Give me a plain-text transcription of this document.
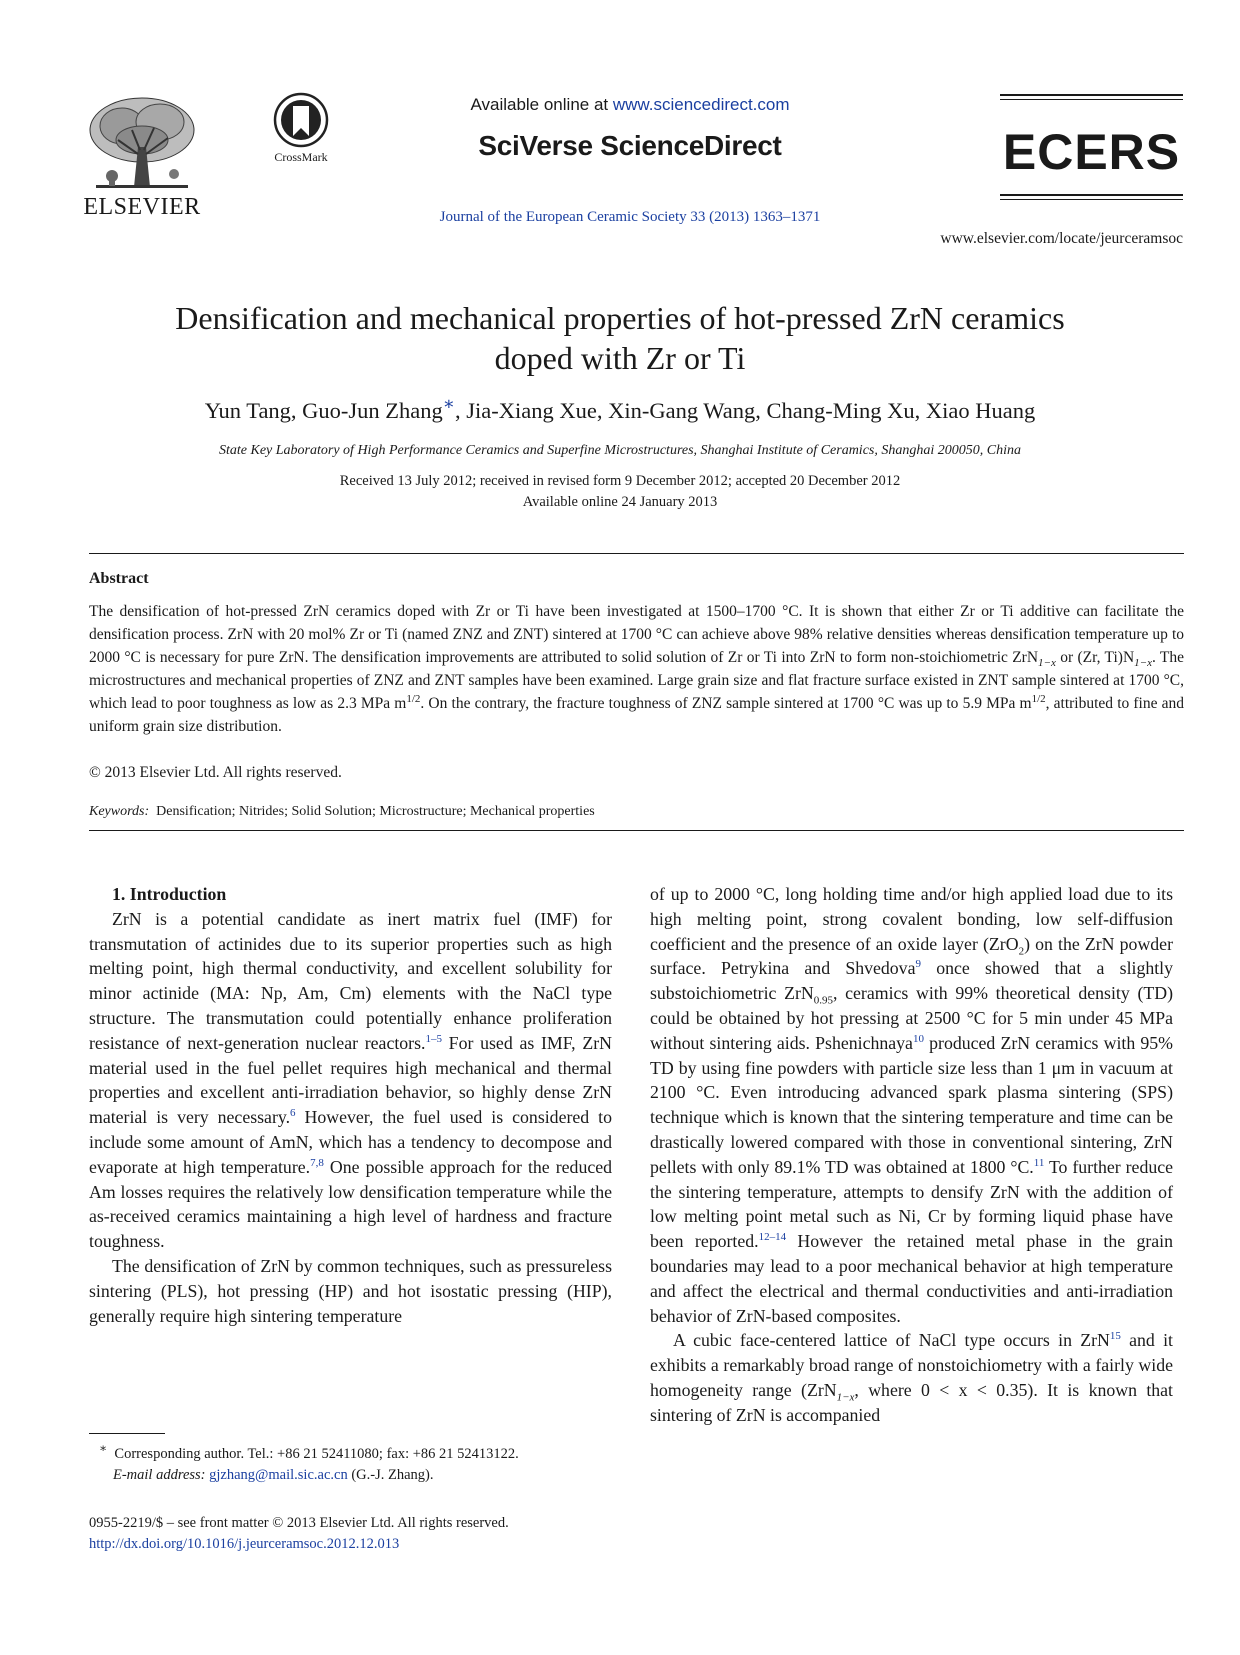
ELSEVIER
CrossMark
Available online at www.sciencedirect.com
SciVerse ScienceDirect
Journal of the European Ceramic Society 33 (2013) 1363–1371
ECERS
www.elsevier.com/locate/jeurceramsoc
Densification and mechanical properties of hot-pressed ZrN ceramics
doped with Zr or Ti
Yun Tang, Guo-Jun Zhang∗, Jia-Xiang Xue, Xin-Gang Wang, Chang-Ming Xu, Xiao Huang
State Key Laboratory of High Performance Ceramics and Superfine Microstructures, Shanghai Institute of Ceramics, Shanghai 200050, China
Received 13 July 2012; received in revised form 9 December 2012; accepted 20 December 2012
Available online 24 January 2013
Abstract
The densification of hot-pressed ZrN ceramics doped with Zr or Ti have been investigated at 1500–1700 °C. It is shown that either Zr or Ti additive can facilitate the densification process. ZrN with 20 mol% Zr or Ti (named ZNZ and ZNT) sintered at 1700 °C can achieve above 98% relative densities whereas densification temperature up to 2000 °C is necessary for pure ZrN. The densification improvements are attributed to solid solution of Zr or Ti into ZrN to form non-stoichiometric ZrN$_{1-x}$ or (Zr, $Ti)N_{1-x}$. The microstructures and mechanical properties of ZNZ and ZNT samples have been examined. Large grain size and flat fracture surface existed in ZNT sample sintered at 1700 °C, which lead to poor toughness as low as 2.3 MPa $m^{1/2}$. On the contrary, the fracture toughness of ZNZ sample sintered at 1700 °C was up to 5.9 MPa $m^{1/2}$, attributed to fine and uniform grain size distribution.
© 2013 Elsevier Ltd. All rights reserved.
Keywords: Densification; Nitrides; Solid Solution; Microstructure; Mechanical properties

1. Introduction

ZrN is a potential candidate as inert matrix fuel (IMF) for transmutation of actinides due to its superior properties such as high melting point, high thermal conductivity, and excellent solubility for minor actinide (MA: Np, Am, Cm) elements with the NaCl type structure. The transmutation could potentially enhance proliferation resistance of next-generation nuclear reactors.$^{1-5}$ For used as IMF, ZrN material used in the fuel pellet requires high mechanical and thermal properties and excellent anti-irradiation behavior, so highly dense ZrN material is very necessary.$^6$ However, the fuel used is considered to include some amount of AmN, which has a tendency to decompose and evaporate at high temperature.$^{7,8}$ One possible approach for the reduced Am losses requires the relatively low densification temperature while the as-received ceramics maintaining a high level of hardness and fracture toughness.

The densification of ZrN by common techniques, such as pressureless sintering (PLS), hot pressing (HP) and hot isostatic pressing (HIP), generally require high sintering temperature

of up to 2000 °C, long holding time and/or high applied load due to its high melting point, strong covalent bonding, low self-diffusion coefficient and the presence of an oxide layer (ZrO$_2$) on the ZrN powder surface. Petrykina and Shvedova$^9$ once showed that a slightly substoichiometric ZrN$_{0.95}$, ceramics with 99% theoretical density (TD) could be obtained by hot pressing at 2500 °C for 5 min under 45 MPa without sintering aids. Pshenichnaya$^{10}$ produced ZrN ceramics with 95% TD by using fine powders with particle size less than 1 μm in vacuum at 2100 °C. Even introducing advanced spark plasma sintering (SPS) technique which is known that the sintering temperature and time can be drastically lowered compared with those in conventional sintering, ZrN pellets with only 89.1% TD was obtained at 1800 °C.$^{11}$ To further reduce the sintering temperature, attempts to densify ZrN with the addition of low melting point metal such as Ni, Cr by forming liquid phase have been reported.$^{12-14}$ However the retained metal phase in the grain boundaries may lead to a poor mechanical behavior at high temperature and affect the electrical and thermal conductivities and anti-irradiation behavior of ZrN-based composites.

A cubic face-centered lattice of NaCl type occurs in ZrN$^{15}$ and it exhibits a remarkably broad range of nonstoichiometry with a fairly wide homogeneity range (ZrN$_{1-x}$, where 0 < x < 0.35). It is known that sintering of ZrN is accompanied

∗ Corresponding author. Tel.: +86 21 52411080; fax: +86 21 52413122.
E-mail address: gjzhang@mail.sic.ac.cn (G.-J. Zhang).
0955-2219/$ – see front matter © 2013 Elsevier Ltd. All rights reserved.
http://dx.doi.org/10.1016/j.jeurceramsoc.2012.12.013
